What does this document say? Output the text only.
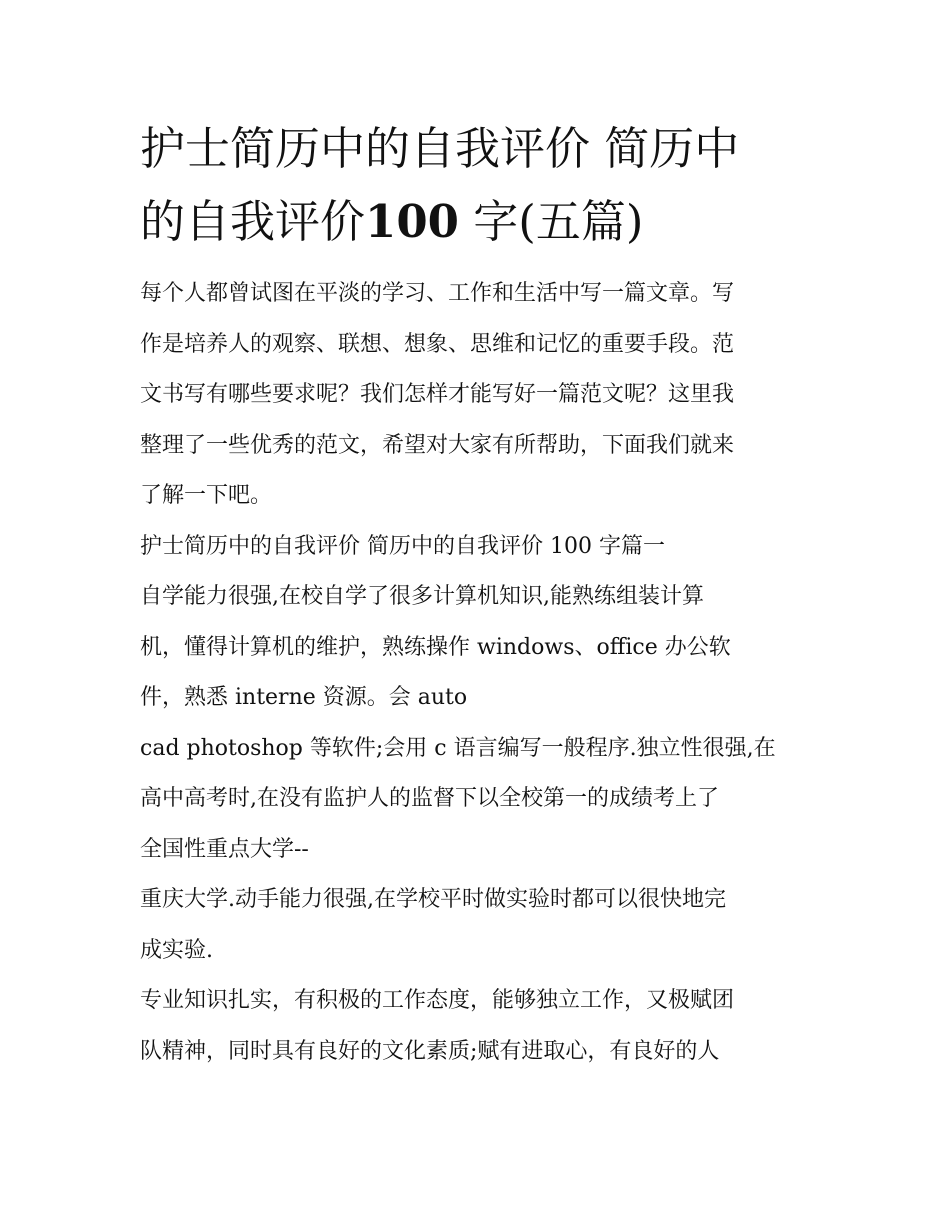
护士简历中的自我评价 简历中
的自我评价100 字(五篇)

每个人都曾试图在平淡的学习、工作和生活中写一篇文章。写
作是培养人的观察、联想、想象、思维和记忆的重要手段。范
文书写有哪些要求呢？我们怎样才能写好一篇范文呢？这里我
整理了一些优秀的范文，希望对大家有所帮助，下面我们就来
了解一下吧。

护士简历中的自我评价 简历中的自我评价 100 字篇一

自学能力很强,在校自学了很多计算机知识,能熟练组装计算
机，懂得计算机的维护，熟练操作 windows、office 办公软
件，熟悉 interne 资源。会 auto
cad photoshop 等软件;会用 c 语言编写一般程序.独立性很强,在
高中高考时,在没有监护人的监督下以全校第一的成绩考上了
全国性重点大学--
重庆大学.动手能力很强,在学校平时做实验时都可以很快地完
成实验.
专业知识扎实，有积极的工作态度，能够独立工作，又极赋团
队精神，同时具有良好的文化素质;赋有进取心，有良好的人
